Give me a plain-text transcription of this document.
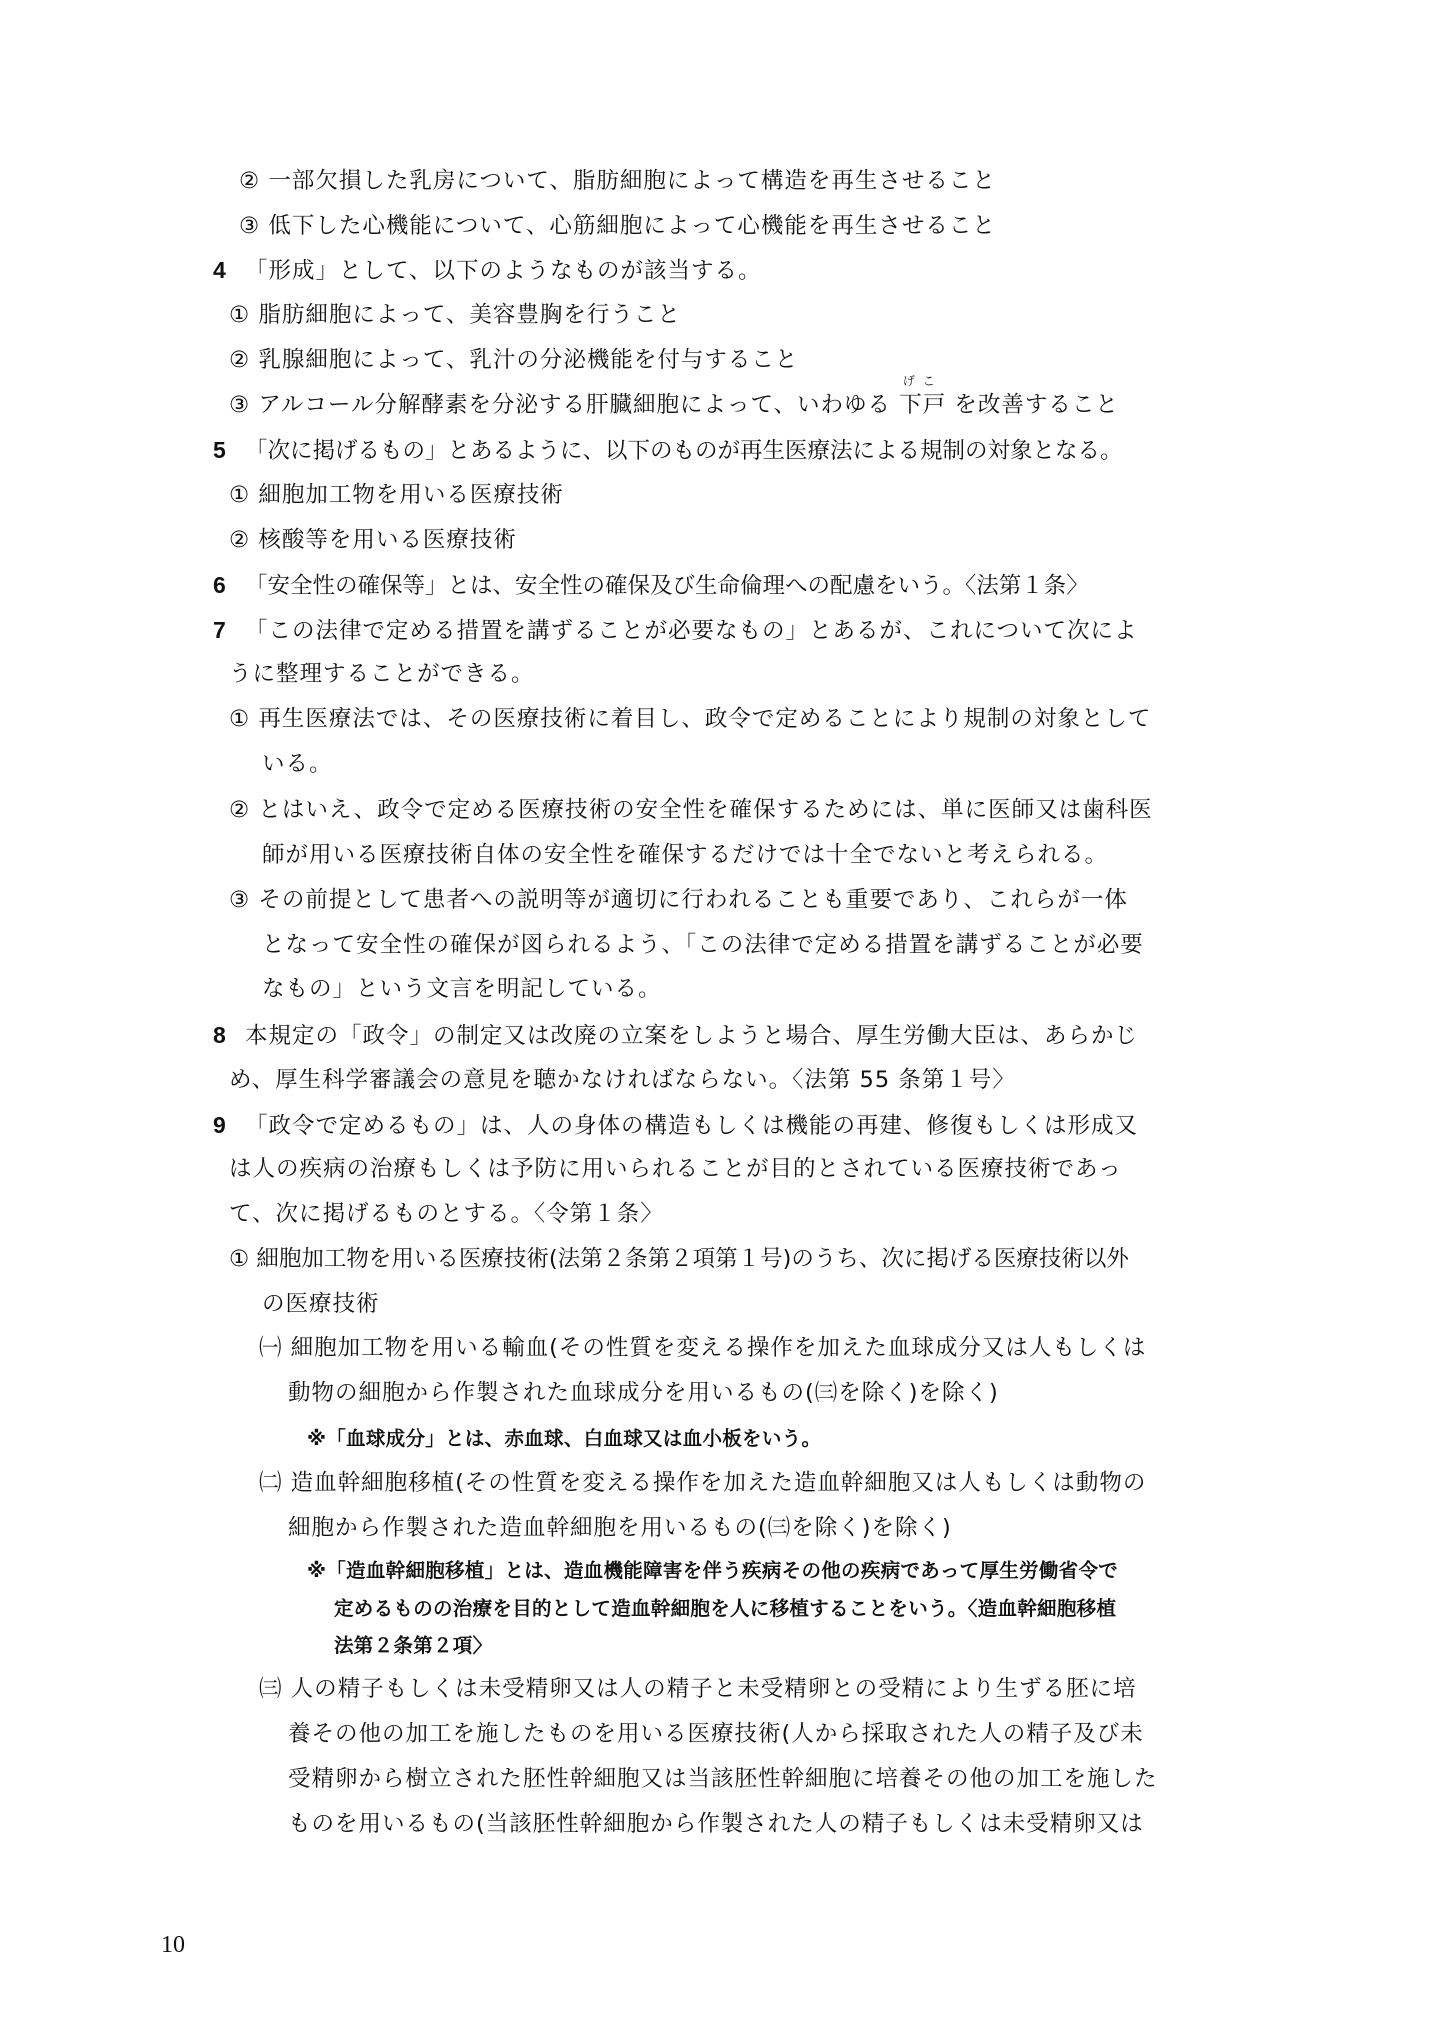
② 一部欠損した乳房について、脂肪細胞によって構造を再生させること
③ 低下した心機能について、心筋細胞によって心機能を再生させること
4 「形成」として、以下のようなものが該当する。
① 脂肪細胞によって、美容豊胸を行うこと
② 乳腺細胞によって、乳汁の分泌機能を付与すること
③ アルコール分解酵素を分泌する肝臓細胞によって、いわゆる
げこ
下戸 を改善すること
5 「次に掲げるもの」とあるように、以下のものが再生医療法による規制の対象となる。
① 細胞加工物を用いる医療技術
② 核酸等を用いる医療技術
6 「安全性の確保等」とは、安全性の確保及び生命倫理への配慮をいう。〈法第１条〉
7 「この法律で定める措置を講ずることが必要なもの」とあるが、これについて次によ
うに整理することができる。
① 再生医療法では、その医療技術に着目し、政令で定めることにより規制の対象として
いる。
② とはいえ、政令で定める医療技術の安全性を確保するためには、単に医師又は歯科医
師が用いる医療技術自体の安全性を確保するだけでは十全でないと考えられる。
③ その前提として患者への説明等が適切に行われることも重要であり、これらが一体
となって安全性の確保が図られるよう、「この法律で定める措置を講ずることが必要
なもの」という文言を明記している。
8 本規定の「政令」の制定又は改廃の立案をしようと場合、厚生労働大臣は、あらかじ
め、厚生科学審議会の意見を聴かなければならない。〈法第 55 条第１号〉
9 「政令で定めるもの」は、人の身体の構造もしくは機能の再建、修復もしくは形成又
は人の疾病の治療もしくは予防に用いられることが目的とされている医療技術であっ
て、次に掲げるものとする。〈令第１条〉
① 細胞加工物を用いる医療技術(法第２条第２項第１号)のうち、次に掲げる医療技術以外
の医療技術
㈠ 細胞加工物を用いる輸血(その性質を変える操作を加えた血球成分又は人もしくは
動物の細胞から作製された血球成分を用いるもの(㈢を除く)を除く)
※「血球成分」とは、赤血球、白血球又は血小板をいう。
㈡ 造血幹細胞移植(その性質を変える操作を加えた造血幹細胞又は人もしくは動物の
細胞から作製された造血幹細胞を用いるもの(㈢を除く)を除く)
※「造血幹細胞移植」とは、造血機能障害を伴う疾病その他の疾病であって厚生労働省令で
定めるものの治療を目的として造血幹細胞を人に移植することをいう。〈造血幹細胞移植
法第２条第２項〉
㈢ 人の精子もしくは未受精卵又は人の精子と未受精卵との受精により生ずる胚に培
養その他の加工を施したものを用いる医療技術(人から採取された人の精子及び未
受精卵から樹立された胚性幹細胞又は当該胚性幹細胞に培養その他の加工を施した
ものを用いるもの(当該胚性幹細胞から作製された人の精子もしくは未受精卵又は
10
